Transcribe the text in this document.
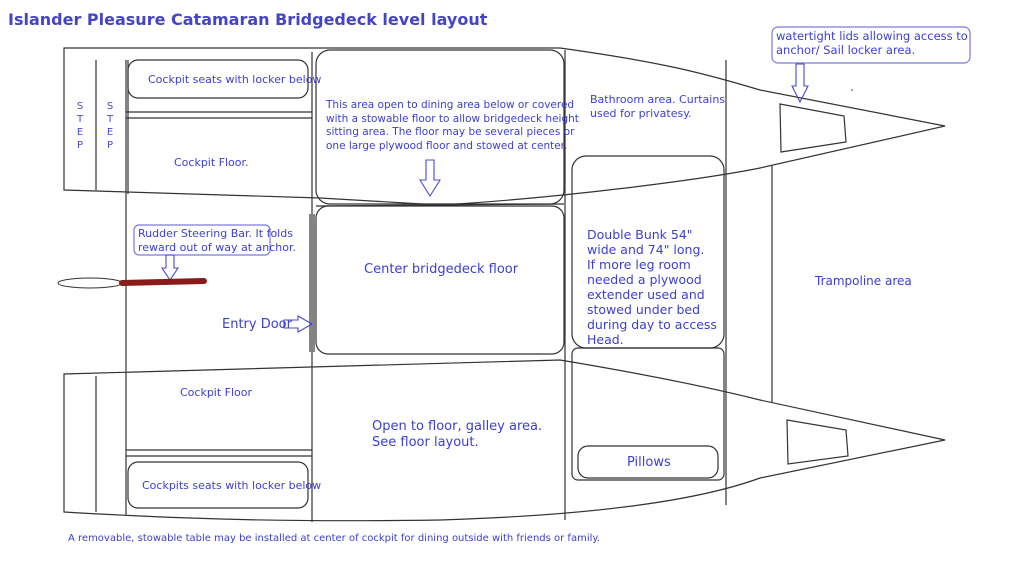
Islander Pleasure Catamaran Bridgedeck level layout
STEP
STEP
Cockpit seats with locker below
Cockpit Floor.
Rudder Steering Bar. It folds
reward out of way at anchor.
Entry Door
Cockpit Floor
Cockpits seats with locker below
This area open to dining area below or covered
with a stowable floor to allow bridgedeck height
sitting area. The floor may be several pieces or
one large plywood floor and stowed at center.
Center bridgedeck floor
Open to floor, galley area.
See floor layout.
Bathroom area. Curtains
used for privatesy.
Double Bunk 54"
wide and 74" long.
If more leg room
needed a plywood
extender used and
stowed under bed
during day to access
Head.
Pillows
Trampoline area
watertight lids allowing access to
anchor/ Sail locker area.
A removable, stowable table may be installed at center of cockpit for dining outside with friends or family.
